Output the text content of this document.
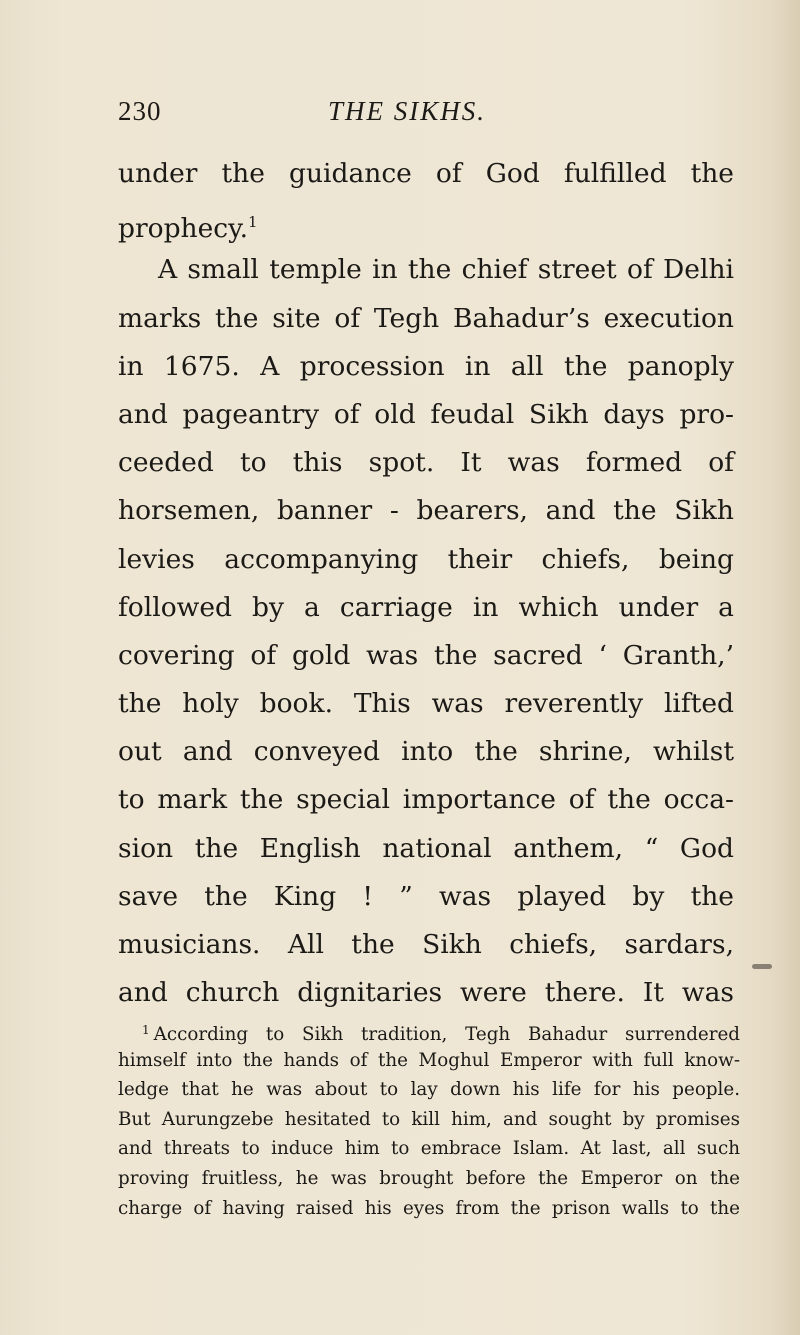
230	THE SIKHS.
under the guidance of God fulfilled the
prophecy.$^1$
A small temple in the chief street of Delhi
marks the site of Tegh Bahadur’s execution
in 1675. A procession in all the panoply
and pageantry of old feudal Sikh days pro-
ceeded to this spot. It was formed of
horsemen, banner - bearers, and the Sikh
levies accompanying their chiefs, being
followed by a carriage in which under a
covering of gold was the sacred ‘ Granth,’
the holy book. This was reverently lifted
out and conveyed into the shrine, whilst
to mark the special importance of the occa-
sion the English national anthem, “ God
save the King ! ” was played by the
musicians. All the Sikh chiefs, sardars,
and church dignitaries were there. It was
$^1$ According to Sikh tradition, Tegh Bahadur surrendered
himself into the hands of the Moghul Emperor with full know-
ledge that he was about to lay down his life for his people.
But Aurungzebe hesitated to kill him, and sought by promises
and threats to induce him to embrace Islam. At last, all such
proving fruitless, he was brought before the Emperor on the
charge of having raised his eyes from the prison walls to the
